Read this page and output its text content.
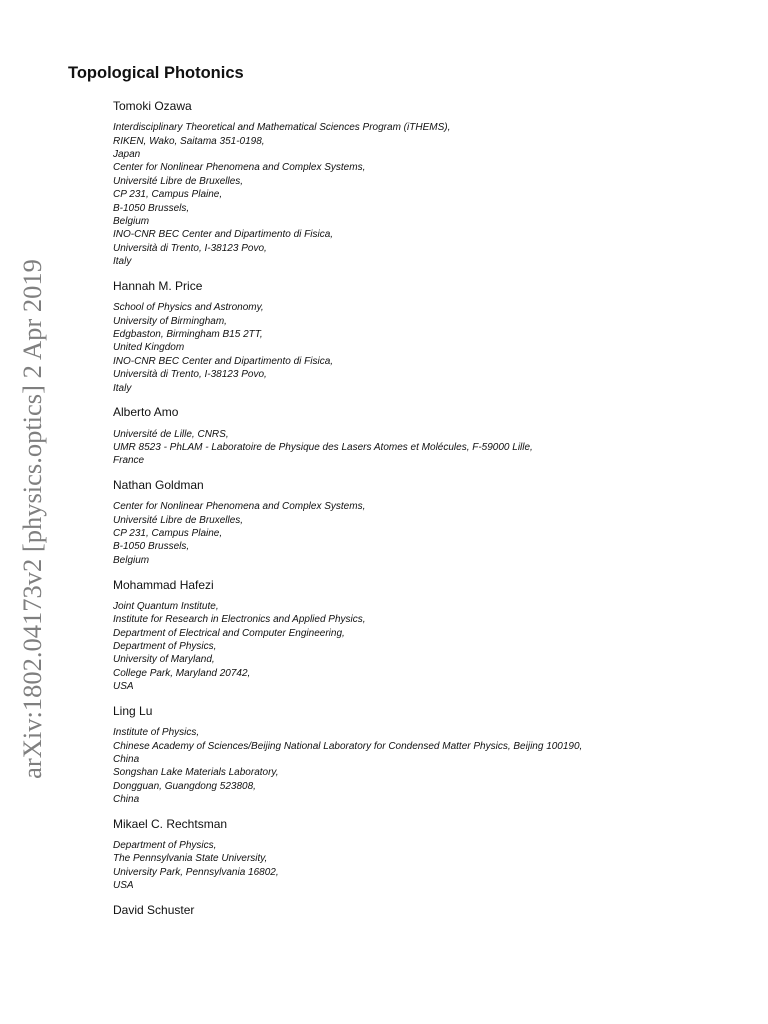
arXiv:1802.04173v2 [physics.optics] 2 Apr 2019
Topological Photonics
Tomoki Ozawa
Interdisciplinary Theoretical and Mathematical Sciences Program (iTHEMS),
RIKEN, Wako, Saitama 351-0198,
Japan
Center for Nonlinear Phenomena and Complex Systems,
Université Libre de Bruxelles,
CP 231, Campus Plaine,
B-1050 Brussels,
Belgium
INO-CNR BEC Center and Dipartimento di Fisica,
Università di Trento, I-38123 Povo,
Italy
Hannah M. Price
School of Physics and Astronomy,
University of Birmingham,
Edgbaston, Birmingham B15 2TT,
United Kingdom
INO-CNR BEC Center and Dipartimento di Fisica,
Università di Trento, I-38123 Povo,
Italy
Alberto Amo
Université de Lille, CNRS,
UMR 8523 - PhLAM - Laboratoire de Physique des Lasers Atomes et Molécules, F-59000 Lille,
France
Nathan Goldman
Center for Nonlinear Phenomena and Complex Systems,
Université Libre de Bruxelles,
CP 231, Campus Plaine,
B-1050 Brussels,
Belgium
Mohammad Hafezi
Joint Quantum Institute,
Institute for Research in Electronics and Applied Physics,
Department of Electrical and Computer Engineering,
Department of Physics,
University of Maryland,
College Park, Maryland 20742,
USA
Ling Lu
Institute of Physics,
Chinese Academy of Sciences/Beijing National Laboratory for Condensed Matter Physics, Beijing 100190,
China
Songshan Lake Materials Laboratory,
Dongguan, Guangdong 523808,
China
Mikael C. Rechtsman
Department of Physics,
The Pennsylvania State University,
University Park, Pennsylvania 16802,
USA
David Schuster
